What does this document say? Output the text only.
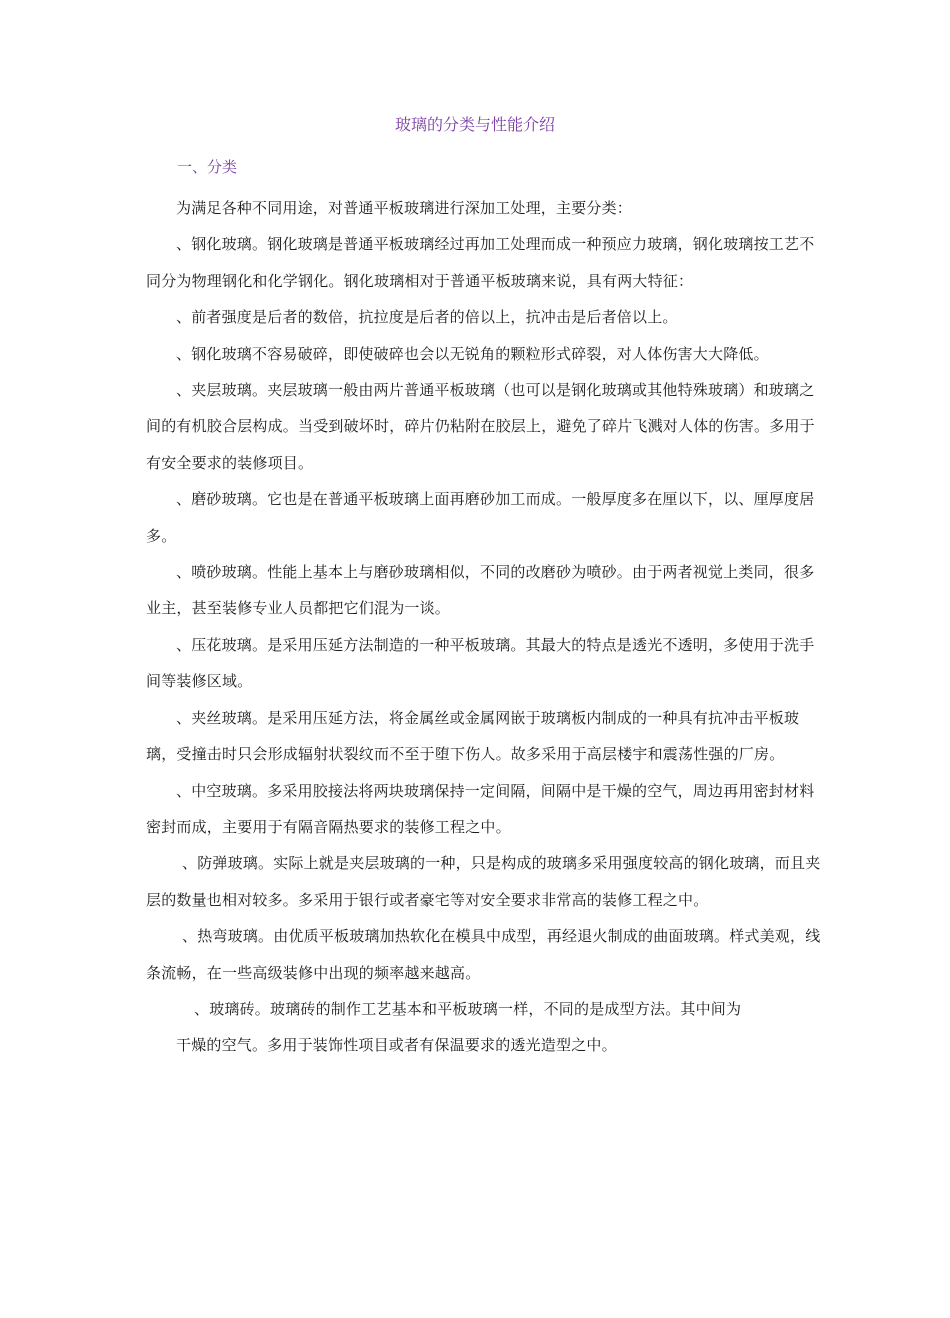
玻璃的分类与性能介绍
一、分类

为满足各种不同用途，对普通平板玻璃进行深加工处理，主要分类：

、钢化玻璃。钢化玻璃是普通平板玻璃经过再加工处理而成一种预应力玻璃，钢化玻璃按工艺不同分为物理钢化和化学钢化。钢化玻璃相对于普通平板玻璃来说，具有两大特征：

、前者强度是后者的数倍，抗拉度是后者的倍以上，抗冲击是后者倍以上。

、钢化玻璃不容易破碎，即使破碎也会以无锐角的颗粒形式碎裂，对人体伤害大大降低。

、夹层玻璃。夹层玻璃一般由两片普通平板玻璃（也可以是钢化玻璃或其他特殊玻璃）和玻璃之间的有机胶合层构成。当受到破坏时，碎片仍粘附在胶层上，避免了碎片飞溅对人体的伤害。多用于有安全要求的装修项目。

、磨砂玻璃。它也是在普通平板玻璃上面再磨砂加工而成。一般厚度多在厘以下，以、厘厚度居多。

、喷砂玻璃。性能上基本上与磨砂玻璃相似，不同的改磨砂为喷砂。由于两者视觉上类同，很多业主，甚至装修专业人员都把它们混为一谈。

、压花玻璃。是采用压延方法制造的一种平板玻璃。其最大的特点是透光不透明，多使用于洗手间等装修区域。

、夹丝玻璃。是采用压延方法，将金属丝或金属网嵌于玻璃板内制成的一种具有抗冲击平板玻璃，受撞击时只会形成辐射状裂纹而不至于堕下伤人。故多采用于高层楼宇和震荡性强的厂房。

、中空玻璃。多采用胶接法将两块玻璃保持一定间隔，间隔中是干燥的空气，周边再用密封材料密封而成，主要用于有隔音隔热要求的装修工程之中。

、防弹玻璃。实际上就是夹层玻璃的一种，只是构成的玻璃多采用强度较高的钢化玻璃，而且夹层的数量也相对较多。多采用于银行或者豪宅等对安全要求非常高的装修工程之中。

、热弯玻璃。由优质平板玻璃加热软化在模具中成型，再经退火制成的曲面玻璃。样式美观，线条流畅，在一些高级装修中出现的频率越来越高。

、玻璃砖。玻璃砖的制作工艺基本和平板玻璃一样，不同的是成型方法。其中间为
干燥的空气。多用于装饰性项目或者有保温要求的透光造型之中。
